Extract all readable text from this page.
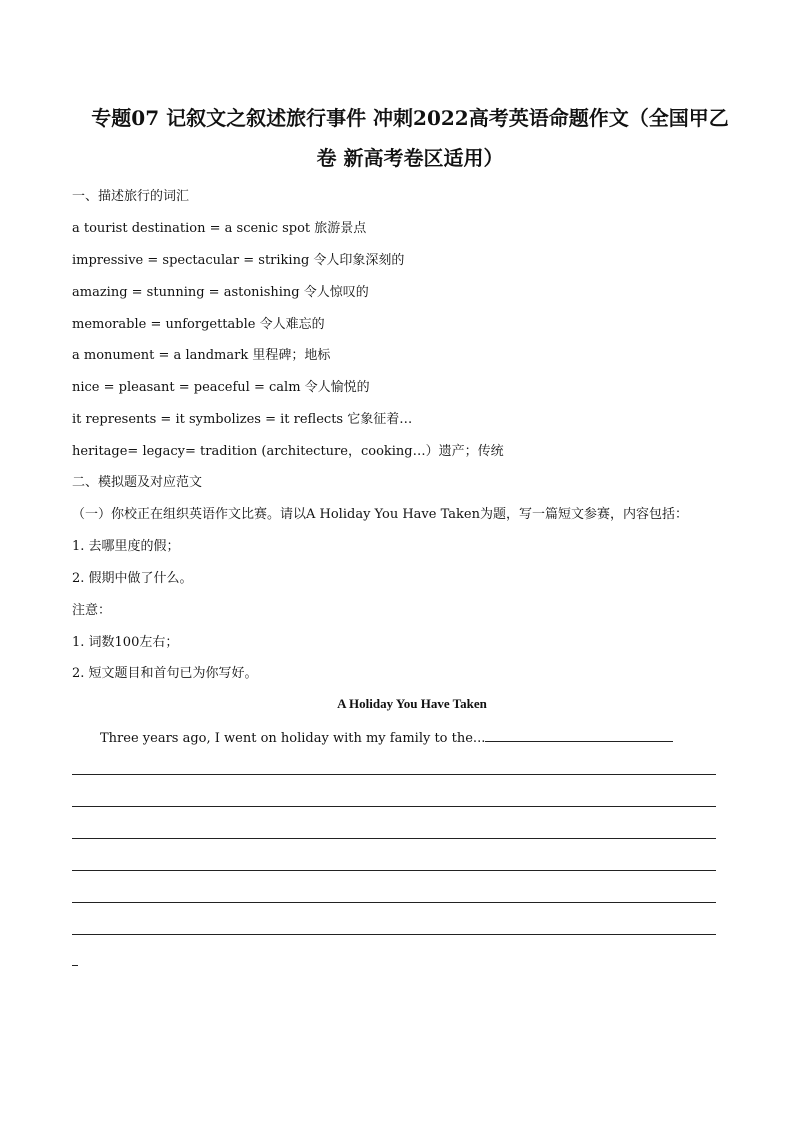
专题07 记叙文之叙述旅行事件 冲刺2022高考英语命题作文（全国甲乙卷 新高考卷区适用）
一、描述旅行的词汇
a tourist destination = a scenic spot 旅游景点
impressive = spectacular = striking 令人印象深刻的
amazing = stunning = astonishing 令人惊叹的
memorable = unforgettable 令人难忘的
a monument = a landmark 里程碑；地标
nice = pleasant = peaceful = calm 令人愉悦的
it represents = it symbolizes = it reflects 它象征着…
heritage= legacy= tradition (architecture，cooking…）遗产；传统
二、模拟题及对应范文
（一）你校正在组织英语作文比赛。请以A Holiday You Have Taken为题，写一篇短文参赛，内容包括：
1. 去哪里度的假；
2. 假期中做了什么。
注意：
1. 词数100左右；
2. 短文题目和首句已为你写好。
A Holiday You Have Taken
Three years ago, I went on holiday with my family to the...
